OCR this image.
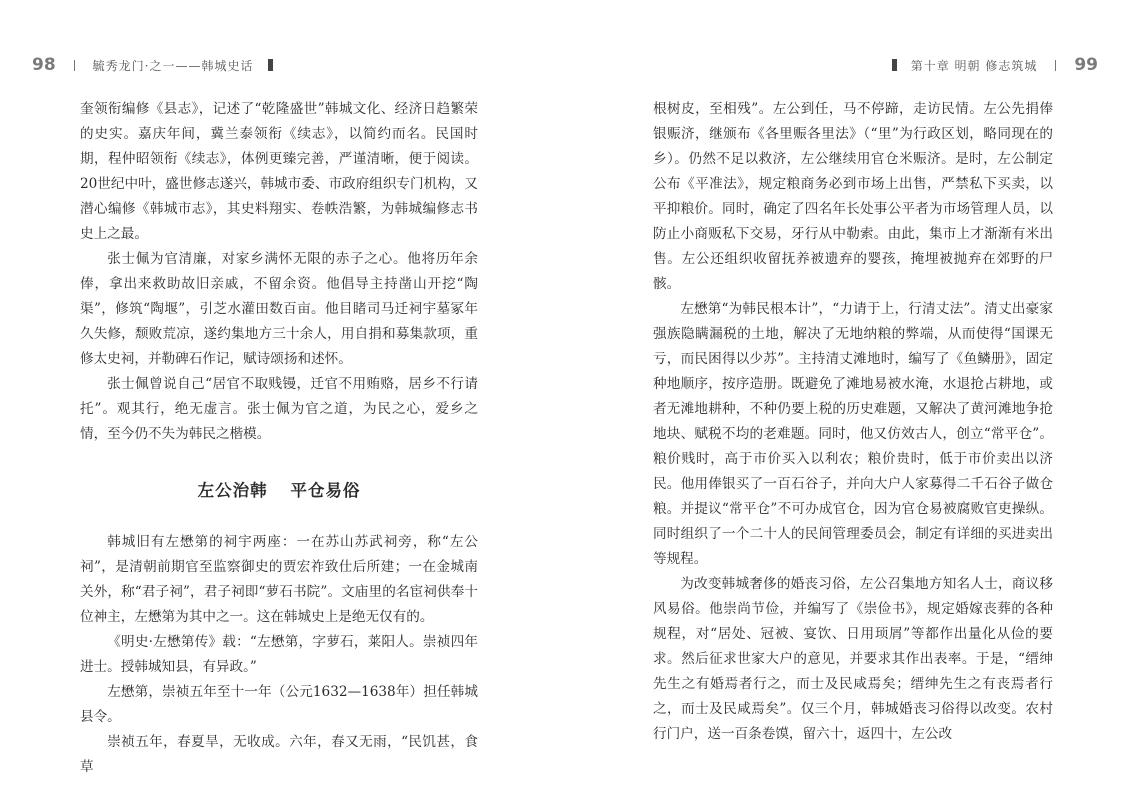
98	毓秀龙门·之一——韩城史话

奎领衔编修《县志》，记述了“乾隆盛世”韩城文化、经济日趋繁荣的史实。嘉庆年间，冀兰泰领衔《续志》，以简约而名。民国时期，程仲昭领衔《续志》，体例更臻完善，严谨清晰，便于阅读。20世纪中叶，盛世修志遂兴，韩城市委、市政府组织专门机构，又潜心编修《韩城市志》，其史料翔实、卷帙浩繁，为韩城编修志书史上之最。

张士佩为官清廉，对家乡满怀无限的赤子之心。他将历年余俸，拿出来救助故旧亲戚，不留余资。他倡导主持凿山开挖“陶渠”，修筑“陶堰”，引芝水灌田数百亩。他目睹司马迁祠宇墓冢年久失修，颓败荒凉，遂约集地方三十余人，用自捐和募集款项，重修太史祠，并勒碑石作记，赋诗颂扬和述怀。

张士佩曾说自己“居官不取贱镘，迁官不用贿赂，居乡不行请托”。观其行，绝无虚言。张士佩为官之道，为民之心，爱乡之情，至今仍不失为韩民之楷模。

左公治韩 平仓易俗

韩城旧有左懋第的祠宇两座：一在苏山苏武祠旁，称“左公祠”，是清朝前期官至监察御史的贾宏祚致仕后所建；一在金城南关外，称“君子祠”，君子祠即“萝石书院”。文庙里的名宦祠供奉十位神主，左懋第为其中之一。这在韩城史上是绝无仅有的。

《明史·左懋第传》载：“左懋第，字萝石，莱阳人。崇祯四年进士。授韩城知县，有异政。”

左懋第，崇祯五年至十一年（公元1632—1638年）担任韩城县令。

崇祯五年，春夏旱，无收成。六年，春又无雨，“民饥甚，食草

第十章 明朝 修志筑城 99

根树皮，至相残”。左公到任，马不停蹄，走访民情。左公先捐俸银赈济，继颁布《各里赈各里法》（“里”为行政区划，略同现在的乡）。仍然不足以救济，左公继续用官仓米赈济。是时，左公制定公布《平准法》，规定粮商务必到市场上出售，严禁私下买卖，以平抑粮价。同时，确定了四名年长处事公平者为市场管理人员，以防止小商贩私下交易，牙行从中勒索。由此，集市上才渐渐有米出售。左公还组织收留抚养被遗弃的婴孩，掩埋被抛弃在郊野的尸骸。

左懋第“为韩民根本计”，“力请于上，行清丈法”。清丈出豪家强族隐瞒漏税的土地，解决了无地纳粮的弊端，从而使得“国课无亏，而民困得以少苏”。主持清丈滩地时，编写了《鱼鳞册》，固定种地顺序，按序造册。既避免了滩地易被水淹，水退抢占耕地，或者无滩地耕种，不种仍要上税的历史难题，又解决了黄河滩地争抢地块、赋税不均的老难题。同时，他又仿效古人，创立“常平仓”。粮价贱时，高于市价买入以利农；粮价贵时，低于市价卖出以济民。他用俸银买了一百石谷子，并向大户人家募得二千石谷子做仓粮。并提议“常平仓”不可办成官仓，因为官仓易被腐败官吏操纵。同时组织了一个二十人的民间管理委员会，制定有详细的买进卖出等规程。

为改变韩城奢侈的婚丧习俗，左公召集地方知名人士，商议移风易俗。他崇尚节俭，并编写了《崇俭书》，规定婚嫁丧葬的各种规程，对“居处、冠被、宴饮、日用顼屑”等都作出量化从俭的要求。然后征求世家大户的意见，并要求其作出表率。于是，“缙绅先生之有婚焉者行之，而士及民咸焉矣；缙绅先生之有丧焉者行之，而士及民咸焉矣”。仅三个月，韩城婚丧习俗得以改变。农村行门户，送一百条卷馍，留六十，返四十，左公改
